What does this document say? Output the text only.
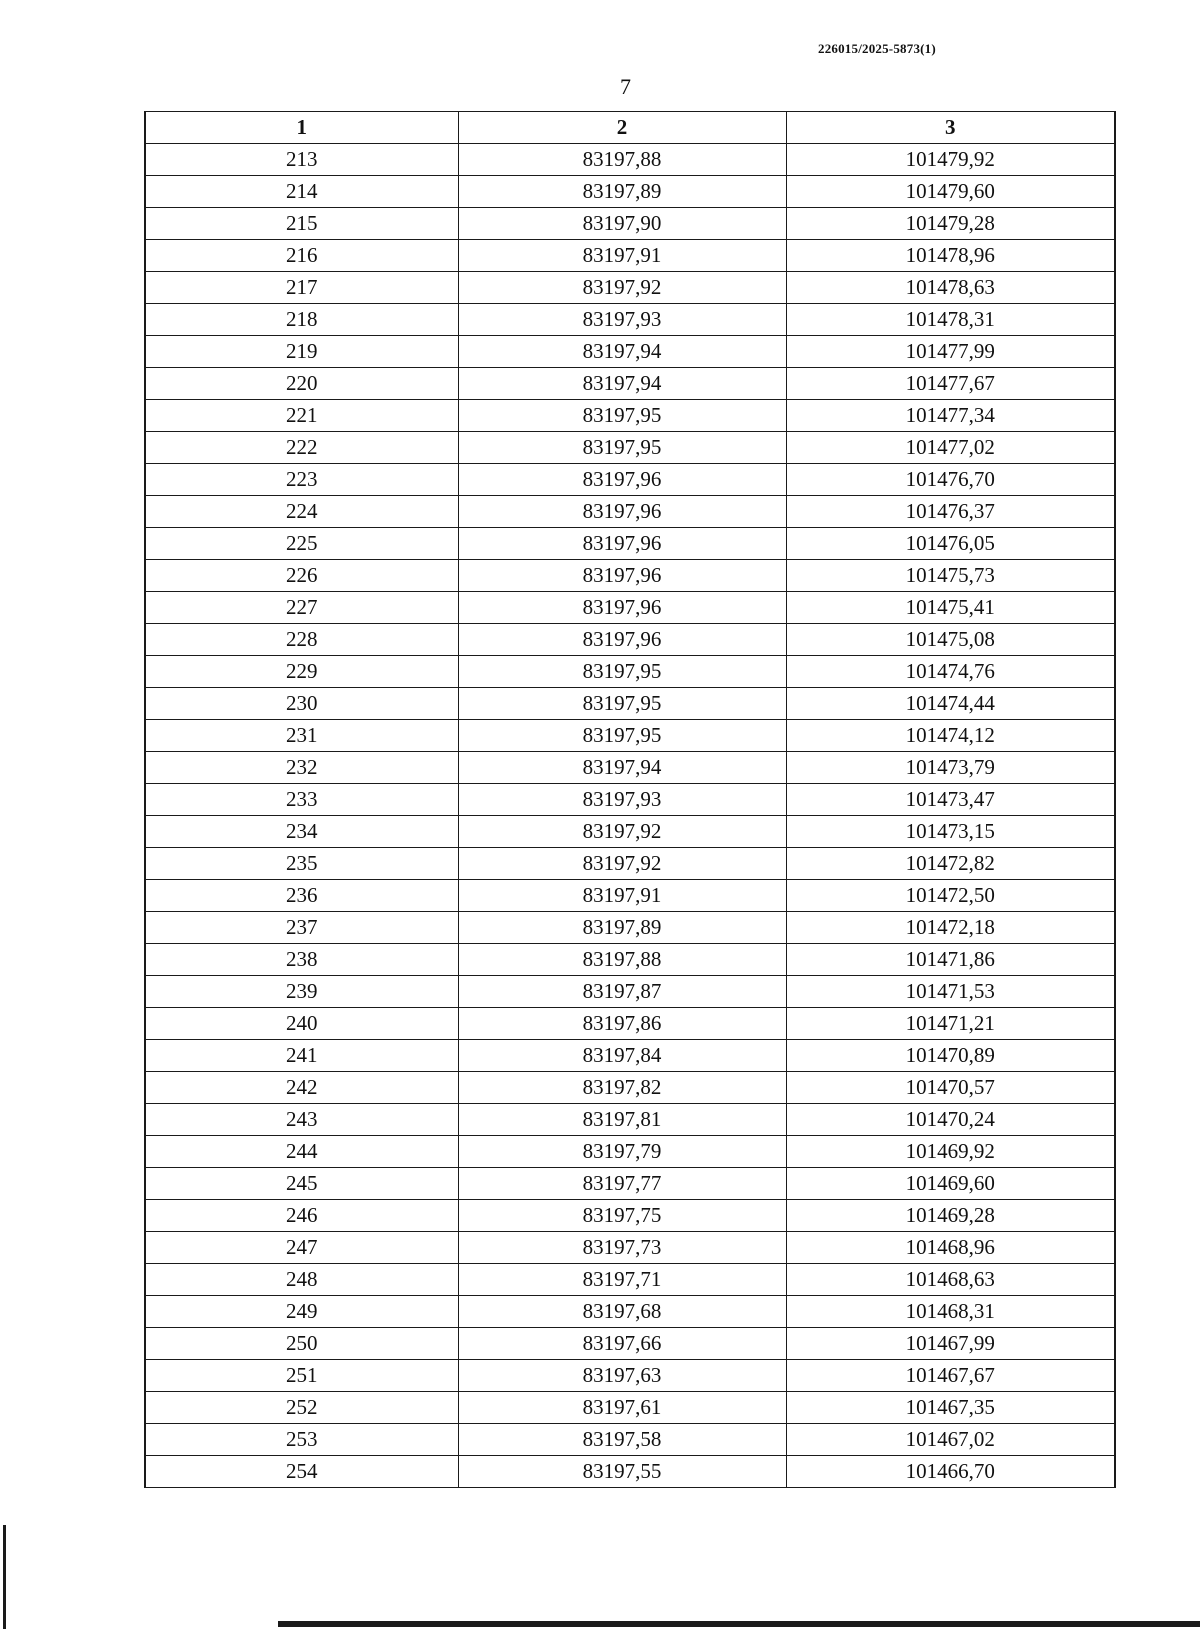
226015/2025-5873(1)
7
1	2	3
213	83197,88	101479,92
214	83197,89	101479,60
215	83197,90	101479,28
216	83197,91	101478,96
217	83197,92	101478,63
218	83197,93	101478,31
219	83197,94	101477,99
220	83197,94	101477,67
221	83197,95	101477,34
222	83197,95	101477,02
223	83197,96	101476,70
224	83197,96	101476,37
225	83197,96	101476,05
226	83197,96	101475,73
227	83197,96	101475,41
228	83197,96	101475,08
229	83197,95	101474,76
230	83197,95	101474,44
231	83197,95	101474,12
232	83197,94	101473,79
233	83197,93	101473,47
234	83197,92	101473,15
235	83197,92	101472,82
236	83197,91	101472,50
237	83197,89	101472,18
238	83197,88	101471,86
239	83197,87	101471,53
240	83197,86	101471,21
241	83197,84	101470,89
242	83197,82	101470,57
243	83197,81	101470,24
244	83197,79	101469,92
245	83197,77	101469,60
246	83197,75	101469,28
247	83197,73	101468,96
248	83197,71	101468,63
249	83197,68	101468,31
250	83197,66	101467,99
251	83197,63	101467,67
252	83197,61	101467,35
253	83197,58	101467,02
254	83197,55	101466,70
